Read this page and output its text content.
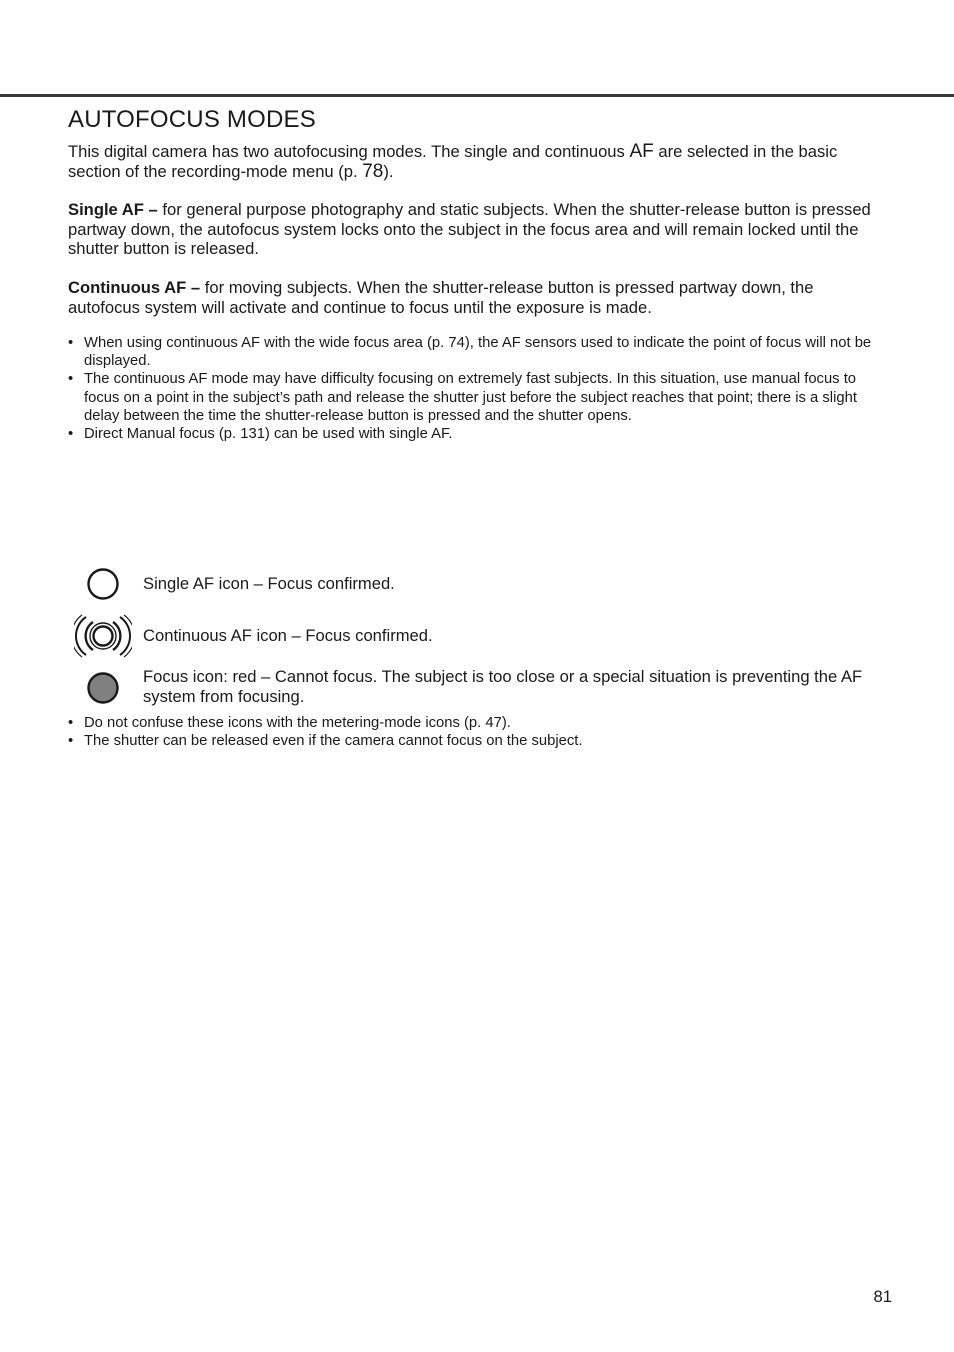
AUTOFOCUS MODES
This digital camera has two autofocusing modes. The single and continuous AF are selected in the basic section of the recording-mode menu (p. 78).
Single AF – for general purpose photography and static subjects. When the shutter-release button is pressed partway down, the autofocus system locks onto the subject in the focus area and will remain locked until the shutter button is released.
Continuous AF – for moving subjects. When the shutter-release button is pressed partway down, the autofocus system will activate and continue to focus until the exposure is made.
• When using continuous AF with the wide focus area (p. 74), the AF sensors used to indicate the point of focus will not be displayed.
• The continuous AF mode may have difficulty focusing on extremely fast subjects. In this situation, use manual focus to focus on a point in the subject’s path and release the shutter just before the subject reaches that point; there is a slight delay between the time the shutter-release button is pressed and the shutter opens.
• Direct Manual focus (p. 131) can be used with single AF.
Single AF icon – Focus confirmed.
Continuous AF icon – Focus confirmed.
Focus icon: red – Cannot focus. The subject is too close or a special situation is preventing the AF system from focusing.
• Do not confuse these icons with the metering-mode icons (p. 47).
• The shutter can be released even if the camera cannot focus on the subject.
81
